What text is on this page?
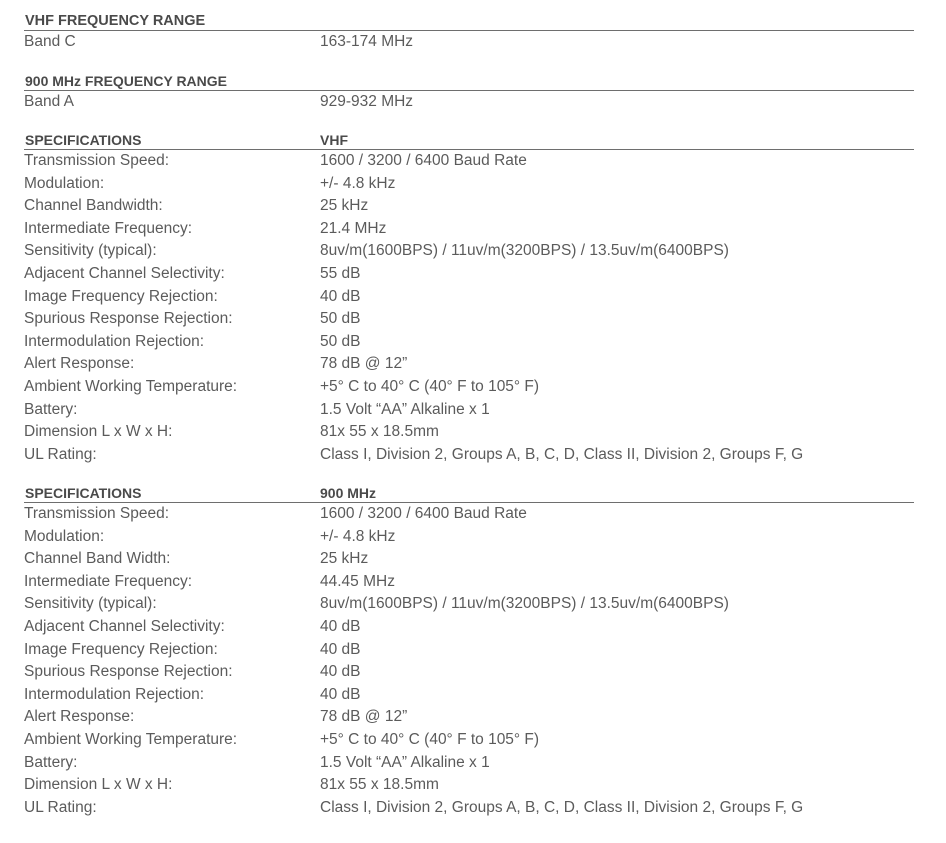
VHF FREQUENCY RANGE
Band C	163-174 MHz
900 MHz FREQUENCY RANGE
Band A	929-932 MHz
SPECIFICATIONS	VHF
Transmission Speed:	1600 / 3200 / 6400 Baud Rate
Modulation:	+/- 4.8 kHz
Channel Bandwidth:	25 kHz
Intermediate Frequency:	21.4 MHz
Sensitivity (typical):	8uv/m(1600BPS) / 11uv/m(3200BPS) / 13.5uv/m(6400BPS)
Adjacent Channel Selectivity:	55 dB
Image Frequency Rejection:	40 dB
Spurious Response Rejection:	50 dB
Intermodulation Rejection:	50 dB
Alert Response:	78 dB @ 12”
Ambient Working Temperature:	+5° C to 40° C (40° F to 105° F)
Battery:	1.5 Volt “AA” Alkaline x 1
Dimension L x W x H:	81x 55 x 18.5mm
UL Rating:	Class I, Division 2, Groups A, B, C, D, Class II, Division 2, Groups F, G
SPECIFICATIONS	900 MHz
Transmission Speed:	1600 / 3200 / 6400 Baud Rate
Modulation:	+/- 4.8 kHz
Channel Band Width:	25 kHz
Intermediate Frequency:	44.45 MHz
Sensitivity (typical):	8uv/m(1600BPS) / 11uv/m(3200BPS) / 13.5uv/m(6400BPS)
Adjacent Channel Selectivity:	40 dB
Image Frequency Rejection:	40 dB
Spurious Response Rejection:	40 dB
Intermodulation Rejection:	40 dB
Alert Response:	78 dB @ 12”
Ambient Working Temperature:	+5° C to 40° C (40° F to 105° F)
Battery:	1.5 Volt “AA” Alkaline x 1
Dimension L x W x H:	81x 55 x 18.5mm
UL Rating:	Class I, Division 2, Groups A, B, C, D, Class II, Division 2, Groups F, G
